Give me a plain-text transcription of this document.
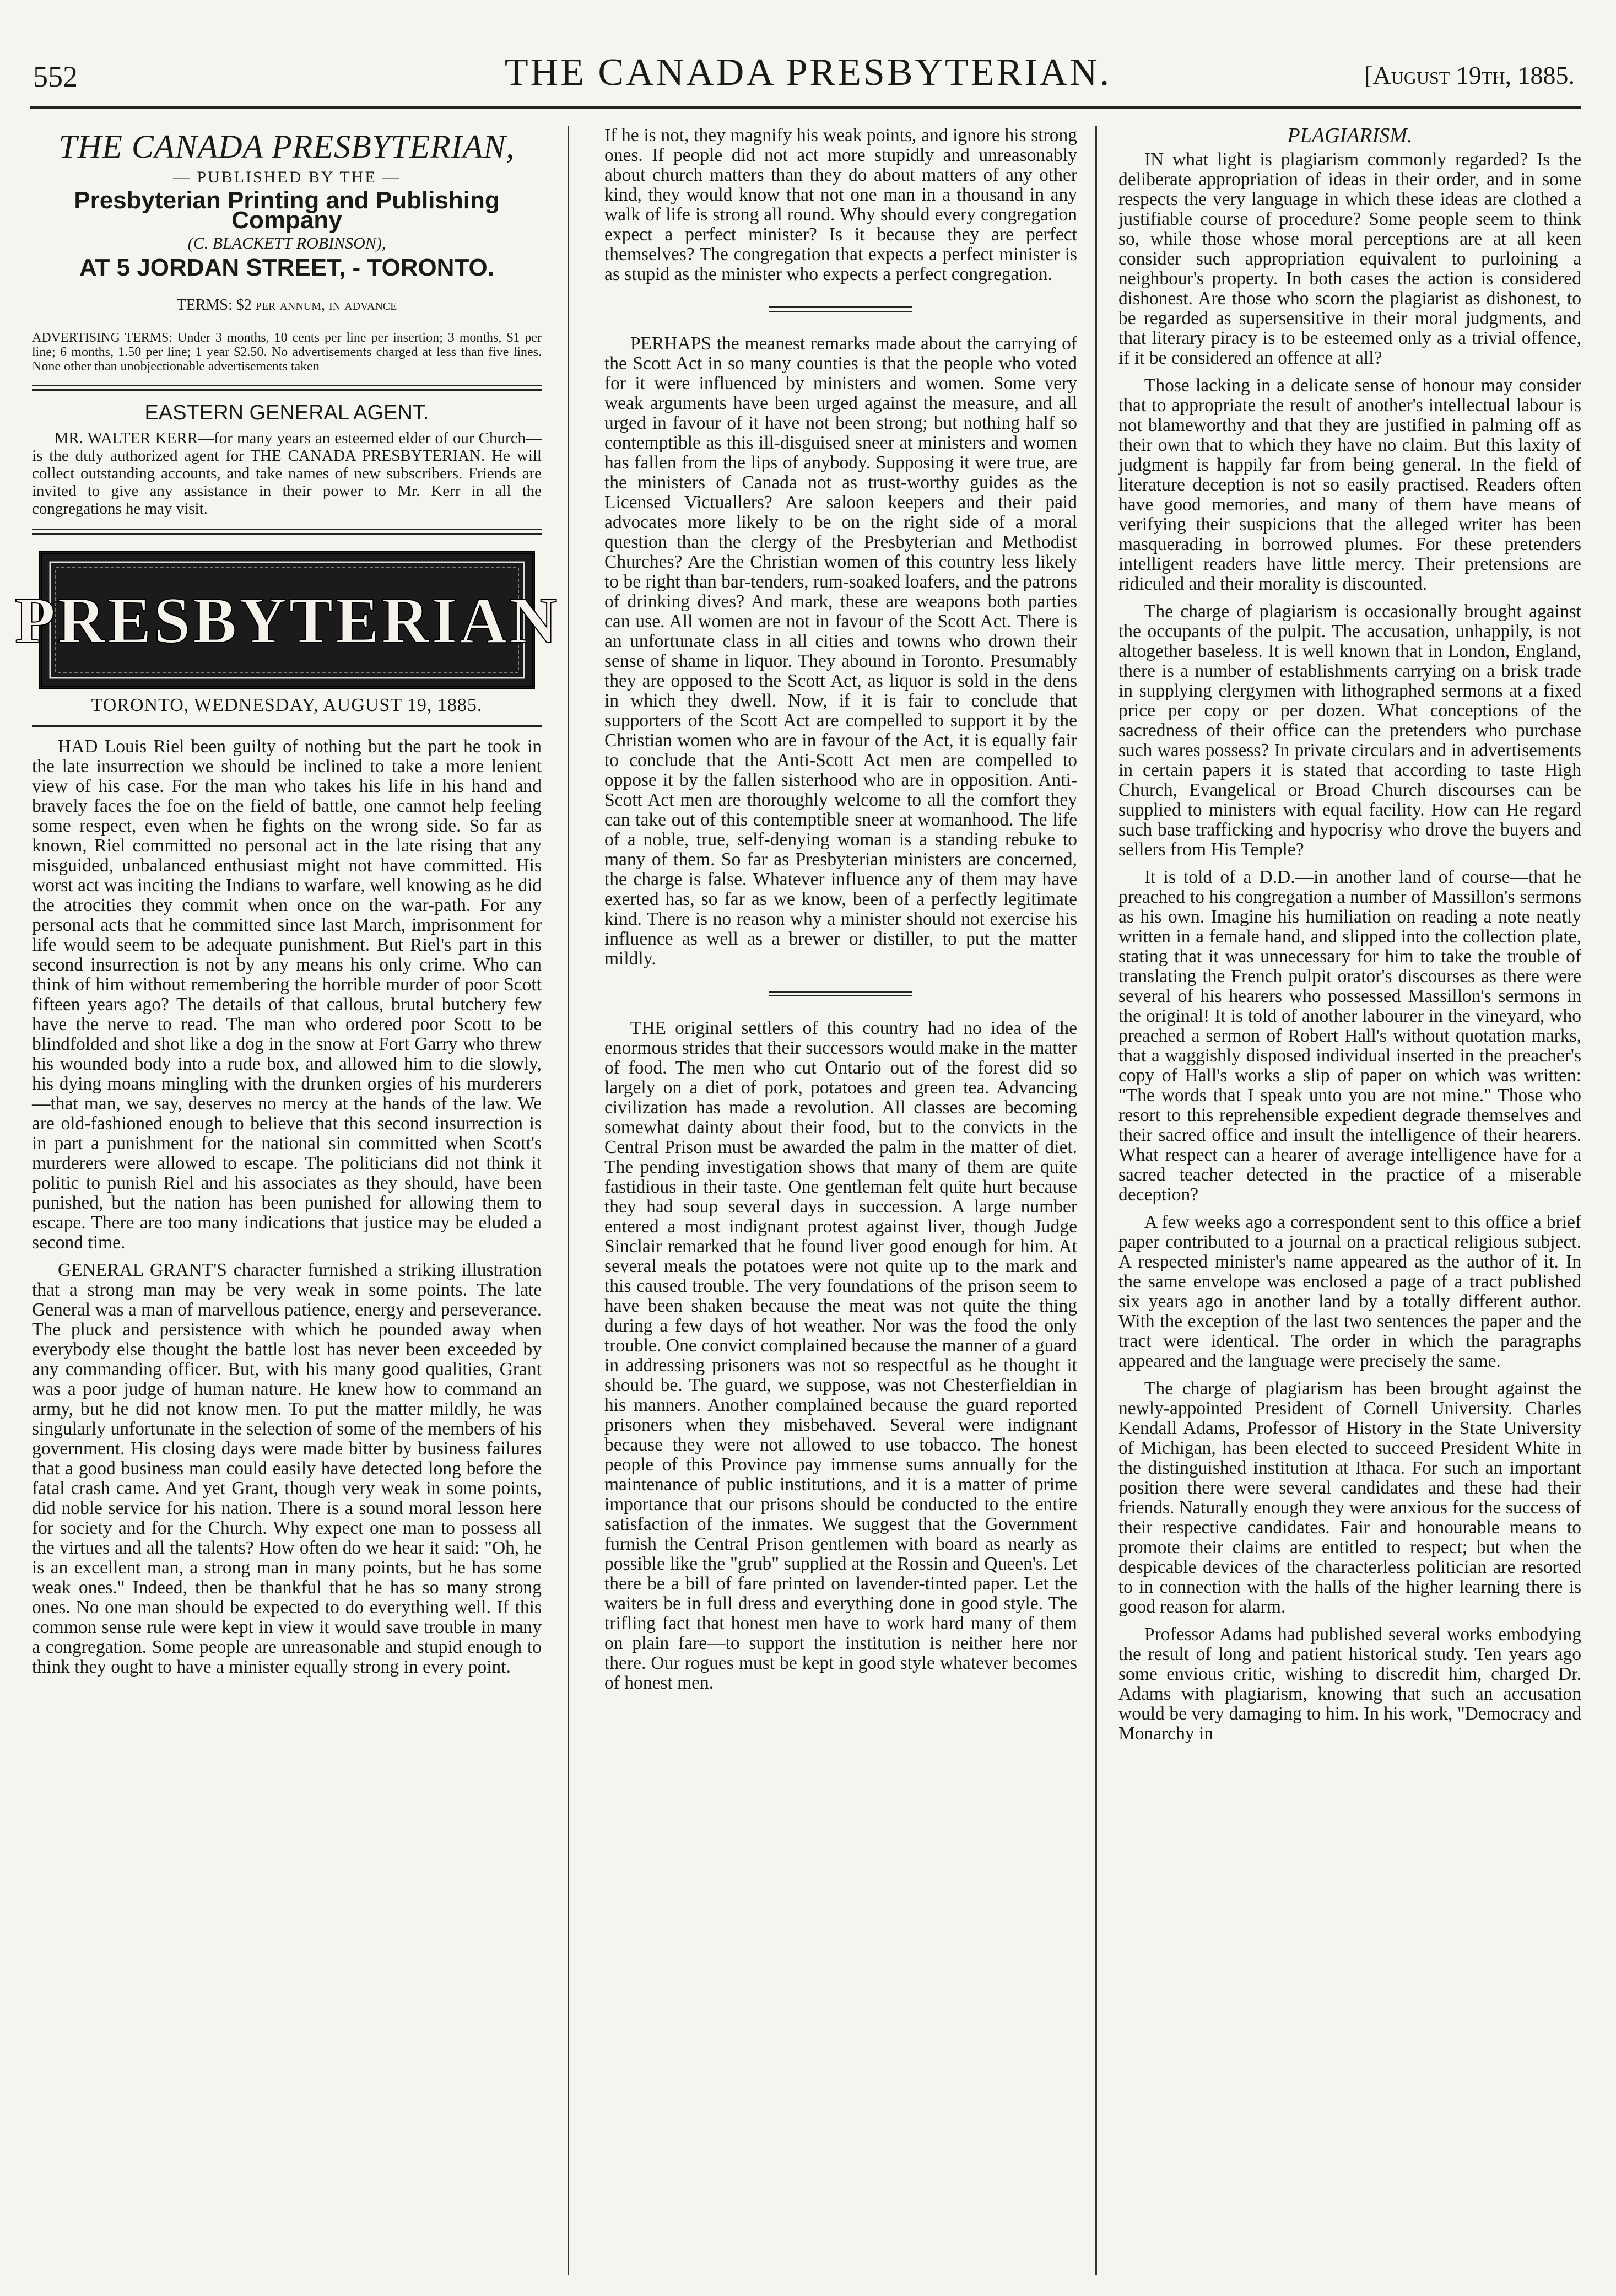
552	THE CANADA PRESBYTERIAN.	[August 19th, 1885.
THE CANADA PRESBYTERIAN,
— PUBLISHED BY THE —
Presbyterian Printing and Publishing Company
(C. BLACKETT ROBINSON),
AT 5 JORDAN STREET, - TORONTO.
TERMS: $2 per annum, in advance

ADVERTISING TERMS: Under 3 months, 10 cents per line per insertion; 3 months, $1 per line; 6 months, 1.50 per line; 1 year $2.50. No advertisements charged at less than five lines. None other than unobjectionable advertisements taken

EASTERN GENERAL AGENT.

MR. WALTER KERR—for many years an esteemed elder of our Church—is the duly authorized agent for THE CANADA PRESBYTERIAN. He will collect outstanding accounts, and take names of new subscribers. Friends are invited to give any assistance in their power to Mr. Kerr in all the congregations he may visit.

PRESBYTERIAN
TORONTO, WEDNESDAY, AUGUST 19, 1885.

HAD Louis Riel been guilty of nothing but the part he took in the late insurrection we should be inclined to take a more lenient view of his case. For the man who takes his life in his hand and bravely faces the foe on the field of battle, one cannot help feeling some respect, even when he fights on the wrong side. So far as known, Riel committed no personal act in the late rising that any misguided, unbalanced enthusiast might not have committed. His worst act was inciting the Indians to warfare, well knowing as he did the atrocities they commit when once on the war-path. For any personal acts that he committed since last March, imprisonment for life would seem to be adequate punishment. But Riel's part in this second insurrection is not by any means his only crime. Who can think of him without remembering the horrible murder of poor Scott fifteen years ago? The details of that callous, brutal butchery few have the nerve to read. The man who ordered poor Scott to be blindfolded and shot like a dog in the snow at Fort Garry who threw his wounded body into a rude box, and allowed him to die slowly, his dying moans mingling with the drunken orgies of his murderers—that man, we say, deserves no mercy at the hands of the law. We are old-fashioned enough to believe that this second insurrection is in part a punishment for the national sin committed when Scott's murderers were allowed to escape. The politicians did not think it politic to punish Riel and his associates as they should, have been punished, but the nation has been punished for allowing them to escape. There are too many indications that justice may be eluded a second time.

GENERAL GRANT'S character furnished a striking illustration that a strong man may be very weak in some points. The late General was a man of marvellous patience, energy and perseverance. The pluck and persistence with which he pounded away when everybody else thought the battle lost has never been exceeded by any commanding officer. But, with his many good qualities, Grant was a poor judge of human nature. He knew how to command an army, but he did not know men. To put the matter mildly, he was singularly unfortunate in the selection of some of the members of his government. His closing days were made bitter by business failures that a good business man could easily have detected long before the fatal crash came. And yet Grant, though very weak in some points, did noble service for his nation. There is a sound moral lesson here for society and for the Church. Why expect one man to possess all the virtues and all the talents? How often do we hear it said: "Oh, he is an excellent man, a strong man in many points, but he has some weak ones." Indeed, then be thankful that he has so many strong ones. No one man should be expected to do everything well. If this common sense rule were kept in view it would save trouble in many a congregation. Some people are unreasonable and stupid enough to think they ought to have a minister equally strong in every point.

If he is not, they magnify his weak points, and ignore his strong ones. If people did not act more stupidly and unreasonably about church matters than they do about matters of any other kind, they would know that not one man in a thousand in any walk of life is strong all round. Why should every congregation expect a perfect minister? Is it because they are perfect themselves? The congregation that expects a perfect minister is as stupid as the minister who expects a perfect congregation.

PERHAPS the meanest remarks made about the carrying of the Scott Act in so many counties is that the people who voted for it were influenced by ministers and women. Some very weak arguments have been urged against the measure, and all urged in favour of it have not been strong; but nothing half so contemptible as this ill-disguised sneer at ministers and women has fallen from the lips of anybody. Supposing it were true, are the ministers of Canada not as trust-worthy guides as the Licensed Victuallers? Are saloon keepers and their paid advocates more likely to be on the right side of a moral question than the clergy of the Presbyterian and Methodist Churches? Are the Christian women of this country less likely to be right than bar-tenders, rum-soaked loafers, and the patrons of drinking dives? And mark, these are weapons both parties can use. All women are not in favour of the Scott Act. There is an unfortunate class in all cities and towns who drown their sense of shame in liquor. They abound in Toronto. Presumably they are opposed to the Scott Act, as liquor is sold in the dens in which they dwell. Now, if it is fair to conclude that supporters of the Scott Act are compelled to support it by the Christian women who are in favour of the Act, it is equally fair to conclude that the Anti-Scott Act men are compelled to oppose it by the fallen sisterhood who are in opposition. Anti-Scott Act men are thoroughly welcome to all the comfort they can take out of this contemptible sneer at womanhood. The life of a noble, true, self-denying woman is a standing rebuke to many of them. So far as Presbyterian ministers are concerned, the charge is false. Whatever influence any of them may have exerted has, so far as we know, been of a perfectly legitimate kind. There is no reason why a minister should not exercise his influence as well as a brewer or distiller, to put the matter mildly.

THE original settlers of this country had no idea of the enormous strides that their successors would make in the matter of food. The men who cut Ontario out of the forest did so largely on a diet of pork, potatoes and green tea. Advancing civilization has made a revolution. All classes are becoming somewhat dainty about their food, but to the convicts in the Central Prison must be awarded the palm in the matter of diet. The pending investigation shows that many of them are quite fastidious in their taste. One gentleman felt quite hurt because they had soup several days in succession. A large number entered a most indignant protest against liver, though Judge Sinclair remarked that he found liver good enough for him. At several meals the potatoes were not quite up to the mark and this caused trouble. The very foundations of the prison seem to have been shaken because the meat was not quite the thing during a few days of hot weather. Nor was the food the only trouble. One convict complained because the manner of a guard in addressing prisoners was not so respectful as he thought it should be. The guard, we suppose, was not Chesterfieldian in his manners. Another complained because the guard reported prisoners when they misbehaved. Several were indignant because they were not allowed to use tobacco. The honest people of this Province pay immense sums annually for the maintenance of public institutions, and it is a matter of prime importance that our prisons should be conducted to the entire satisfaction of the inmates. We suggest that the Government furnish the Central Prison gentlemen with board as nearly as possible like the "grub" supplied at the Rossin and Queen's. Let there be a bill of fare printed on lavender-tinted paper. Let the waiters be in full dress and everything done in good style. The trifling fact that honest men have to work hard many of them on plain fare—to support the institution is neither here nor there. Our rogues must be kept in good style whatever becomes of honest men.

PLAGIARISM.

IN what light is plagiarism commonly regarded? Is the deliberate appropriation of ideas in their order, and in some respects the very language in which these ideas are clothed a justifiable course of procedure? Some people seem to think so, while those whose moral perceptions are at all keen consider such appropriation equivalent to purloining a neighbour's property. In both cases the action is considered dishonest. Are those who scorn the plagiarist as dishonest, to be regarded as supersensitive in their moral judgments, and that literary piracy is to be esteemed only as a trivial offence, if it be considered an offence at all?

Those lacking in a delicate sense of honour may consider that to appropriate the result of another's intellectual labour is not blameworthy and that they are justified in palming off as their own that to which they have no claim. But this laxity of judgment is happily far from being general. In the field of literature deception is not so easily practised. Readers often have good memories, and many of them have means of verifying their suspicions that the alleged writer has been masquerading in borrowed plumes. For these pretenders intelligent readers have little mercy. Their pretensions are ridiculed and their morality is discounted.

The charge of plagiarism is occasionally brought against the occupants of the pulpit. The accusation, unhappily, is not altogether baseless. It is well known that in London, England, there is a number of establishments carrying on a brisk trade in supplying clergymen with lithographed sermons at a fixed price per copy or per dozen. What conceptions of the sacredness of their office can the pretenders who purchase such wares possess? In private circulars and in advertisements in certain papers it is stated that according to taste High Church, Evangelical or Broad Church discourses can be supplied to ministers with equal facility. How can He regard such base trafficking and hypocrisy who drove the buyers and sellers from His Temple?

It is told of a D.D.—in another land of course—that he preached to his congregation a number of Massillon's sermons as his own. Imagine his humiliation on reading a note neatly written in a female hand, and slipped into the collection plate, stating that it was unnecessary for him to take the trouble of translating the French pulpit orator's discourses as there were several of his hearers who possessed Massillon's sermons in the original! It is told of another labourer in the vineyard, who preached a sermon of Robert Hall's without quotation marks, that a waggishly disposed individual inserted in the preacher's copy of Hall's works a slip of paper on which was written: "The words that I speak unto you are not mine." Those who resort to this reprehensible expedient degrade themselves and their sacred office and insult the intelligence of their hearers. What respect can a hearer of average intelligence have for a sacred teacher detected in the practice of a miserable deception?

A few weeks ago a correspondent sent to this office a brief paper contributed to a journal on a practical religious subject. A respected minister's name appeared as the author of it. In the same envelope was enclosed a page of a tract published six years ago in another land by a totally different author. With the exception of the last two sentences the paper and the tract were identical. The order in which the paragraphs appeared and the language were precisely the same.

The charge of plagiarism has been brought against the newly-appointed President of Cornell University. Charles Kendall Adams, Professor of History in the State University of Michigan, has been elected to succeed President White in the distinguished institution at Ithaca. For such an important position there were several candidates and these had their friends. Naturally enough they were anxious for the success of their respective candidates. Fair and honourable means to promote their claims are entitled to respect; but when the despicable devices of the characterless politician are resorted to in connection with the halls of the higher learning there is good reason for alarm.

Professor Adams had published several works embodying the result of long and patient historical study. Ten years ago some envious critic, wishing to discredit him, charged Dr. Adams with plagiarism, knowing that such an accusation would be very damaging to him. In his work, "Democracy and Monarchy in
